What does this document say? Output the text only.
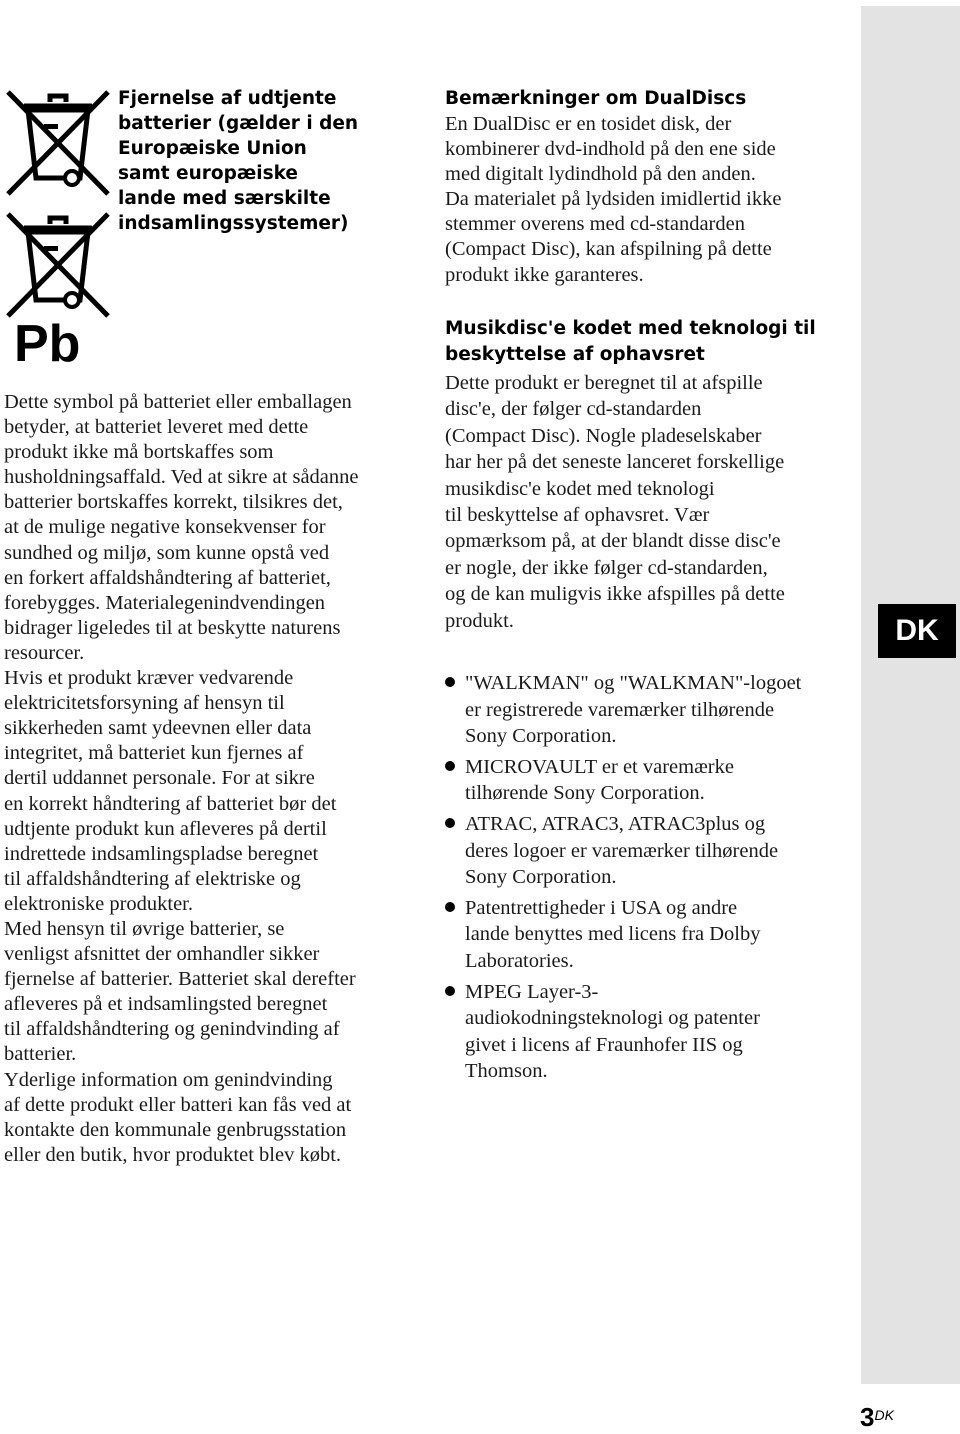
DK
Pb
Fjernelse af udtjente
batterier (gælder i den
Europæiske Union
samt europæiske
lande med særskilte
indsamlingssystemer)
Dette symbol på batteriet eller emballagen
betyder, at batteriet leveret med dette
produkt ikke må bortskaffes som
husholdningsaffald. Ved at sikre at sådanne
batterier bortskaffes korrekt, tilsikres det,
at de mulige negative konsekvenser for
sundhed og miljø, som kunne opstå ved
en forkert affaldshåndtering af batteriet,
forebygges. Materialegenindvendingen
bidrager ligeledes til at beskytte naturens
resourcer.
Hvis et produkt kræver vedvarende
elektricitetsforsyning af hensyn til
sikkerheden samt ydeevnen eller data
integritet, må batteriet kun fjernes af
dertil uddannet personale. For at sikre
en korrekt håndtering af batteriet bør det
udtjente produkt kun afleveres på dertil
indrettede indsamlingspladse beregnet
til affaldshåndtering af elektriske og
elektroniske produkter.
Med hensyn til øvrige batterier, se
venligst afsnittet der omhandler sikker
fjernelse af batterier. Batteriet skal derefter
afleveres på et indsamlingsted beregnet
til affaldshåndtering og genindvinding af
batterier.
Yderlige information om genindvinding
af dette produkt eller batteri kan fås ved at
kontakte den kommunale genbrugsstation
eller den butik, hvor produktet blev købt.
Bemærkninger om DualDiscs
En DualDisc er en tosidet disk, der
kombinerer dvd-indhold på den ene side
med digitalt lydindhold på den anden.
Da materialet på lydsiden imidlertid ikke
stemmer overens med cd-standarden
(Compact Disc), kan afspilning på dette
produkt ikke garanteres.
Musikdisc'e kodet med teknologi til
beskyttelse af ophavsret
Dette produkt er beregnet til at afspille
disc'e, der følger cd-standarden
(Compact Disc). Nogle pladeselskaber
har her på det seneste lanceret forskellige
musikdisc'e kodet med teknologi
til beskyttelse af ophavsret. Vær
opmærksom på, at der blandt disse disc'e
er nogle, der ikke følger cd-standarden,
og de kan muligvis ikke afspilles på dette
produkt.
"WALKMAN" og "WALKMAN"-logoet
er registrerede varemærker tilhørende
Sony Corporation.
MICROVAULT er et varemærke
tilhørende Sony Corporation.
ATRAC, ATRAC3, ATRAC3plus og
deres logoer er varemærker tilhørende
Sony Corporation.
Patentrettigheder i USA og andre
lande benyttes med licens fra Dolby
Laboratories.
MPEG Layer-3-
audiokodningsteknologi og patenter
givet i licens af Fraunhofer IIS og
Thomson.
$3^{DK}$
